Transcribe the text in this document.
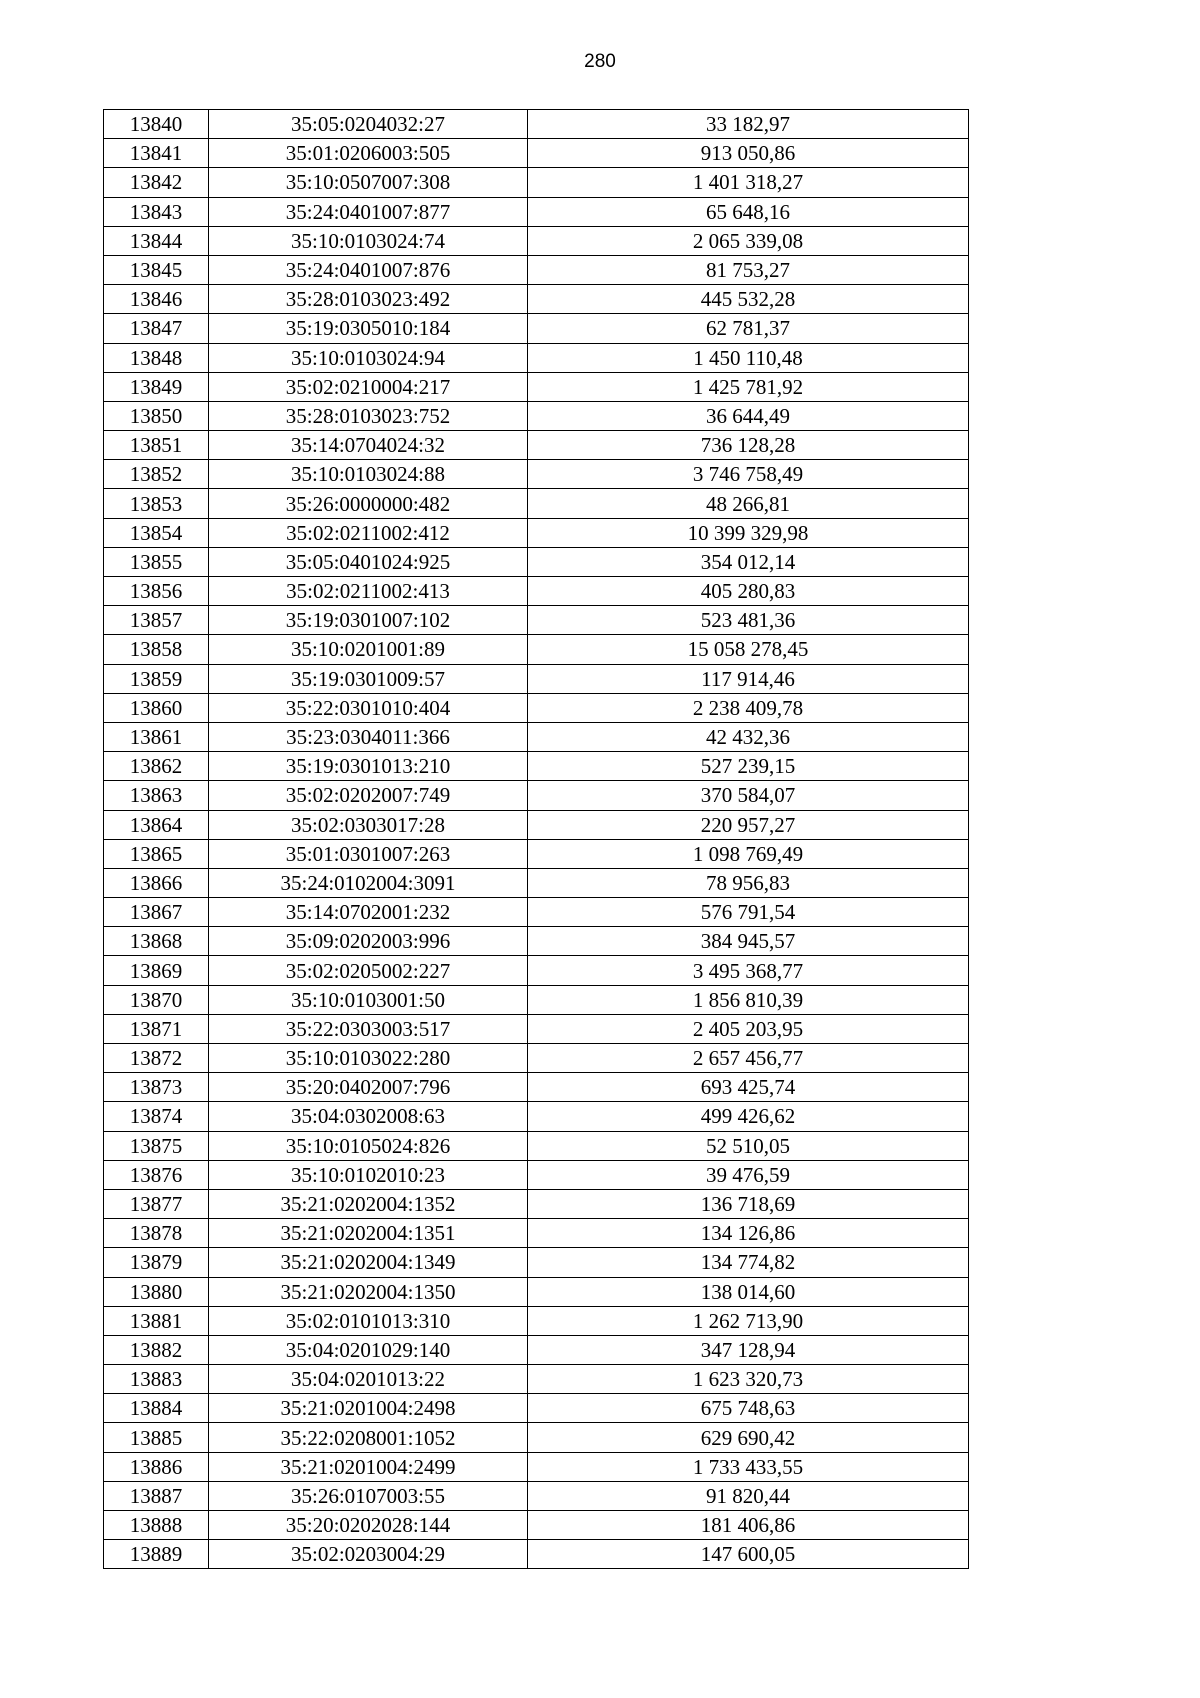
280
13840	35:05:0204032:27	33 182,97
13841	35:01:0206003:505	913 050,86
13842	35:10:0507007:308	1 401 318,27
13843	35:24:0401007:877	65 648,16
13844	35:10:0103024:74	2 065 339,08
13845	35:24:0401007:876	81 753,27
13846	35:28:0103023:492	445 532,28
13847	35:19:0305010:184	62 781,37
13848	35:10:0103024:94	1 450 110,48
13849	35:02:0210004:217	1 425 781,92
13850	35:28:0103023:752	36 644,49
13851	35:14:0704024:32	736 128,28
13852	35:10:0103024:88	3 746 758,49
13853	35:26:0000000:482	48 266,81
13854	35:02:0211002:412	10 399 329,98
13855	35:05:0401024:925	354 012,14
13856	35:02:0211002:413	405 280,83
13857	35:19:0301007:102	523 481,36
13858	35:10:0201001:89	15 058 278,45
13859	35:19:0301009:57	117 914,46
13860	35:22:0301010:404	2 238 409,78
13861	35:23:0304011:366	42 432,36
13862	35:19:0301013:210	527 239,15
13863	35:02:0202007:749	370 584,07
13864	35:02:0303017:28	220 957,27
13865	35:01:0301007:263	1 098 769,49
13866	35:24:0102004:3091	78 956,83
13867	35:14:0702001:232	576 791,54
13868	35:09:0202003:996	384 945,57
13869	35:02:0205002:227	3 495 368,77
13870	35:10:0103001:50	1 856 810,39
13871	35:22:0303003:517	2 405 203,95
13872	35:10:0103022:280	2 657 456,77
13873	35:20:0402007:796	693 425,74
13874	35:04:0302008:63	499 426,62
13875	35:10:0105024:826	52 510,05
13876	35:10:0102010:23	39 476,59
13877	35:21:0202004:1352	136 718,69
13878	35:21:0202004:1351	134 126,86
13879	35:21:0202004:1349	134 774,82
13880	35:21:0202004:1350	138 014,60
13881	35:02:0101013:310	1 262 713,90
13882	35:04:0201029:140	347 128,94
13883	35:04:0201013:22	1 623 320,73
13884	35:21:0201004:2498	675 748,63
13885	35:22:0208001:1052	629 690,42
13886	35:21:0201004:2499	1 733 433,55
13887	35:26:0107003:55	91 820,44
13888	35:20:0202028:144	181 406,86
13889	35:02:0203004:29	147 600,05
